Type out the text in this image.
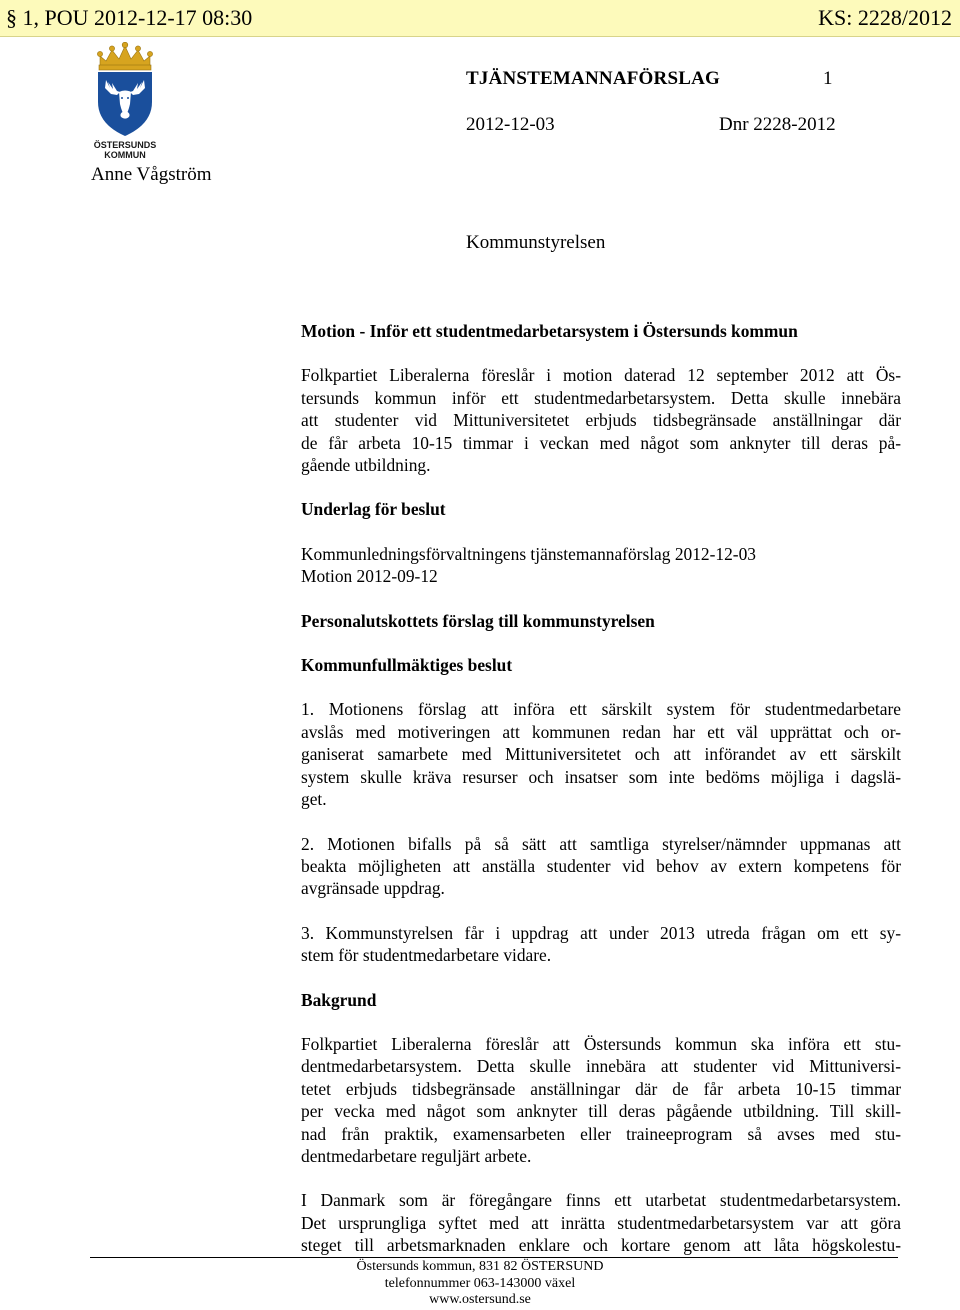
§ 1, POU 2012-12-17 08:30	KS: 2228/2012
ÖSTERSUNDS
KOMMUN
TJÄNSTEMANNAFÖRSLAG	1
2012-12-03	Dnr 2228-2012
Anne Vågström
Kommunstyrelsen
Motion - Inför ett studentmedarbetarsystem i Östersunds kommun

Folkpartiet Liberalerna föreslår i motion daterad 12 september 2012 att Ös-
tersunds kommun inför ett studentmedarbetarsystem. Detta skulle innebära
att studenter vid Mittuniversitetet erbjuds tidsbegränsade anställningar där
de får arbeta 10-15 timmar i veckan med något som anknyter till deras på-
gående utbildning.

Underlag för beslut

Kommunledningsförvaltningens tjänstemannaförslag 2012-12-03
Motion 2012-09-12

Personalutskottets förslag till kommunstyrelsen
Kommunfullmäktiges beslut

1. Motionens förslag att införa ett särskilt system för studentmedarbetare
avslås med motiveringen att kommunen redan har ett väl upprättat och or-
ganiserat samarbete med Mittuniversitetet och att införandet av ett särskilt
system skulle kräva resurser och insatser som inte bedöms möjliga i dagslä-
get.

2. Motionen bifalls på så sätt att samtliga styrelser/nämnder uppmanas att
beakta möjligheten att anställa studenter vid behov av extern kompetens för
avgränsade uppdrag.

3. Kommunstyrelsen får i uppdrag att under 2013 utreda frågan om ett sy-
stem för studentmedarbetare vidare.

Bakgrund

Folkpartiet Liberalerna föreslår att Östersunds kommun ska införa ett stu-
dentmedarbetarsystem. Detta skulle innebära att studenter vid Mittuniversi-
tetet erbjuds tidsbegränsade anställningar där de får arbeta 10-15 timmar
per vecka med något som anknyter till deras pågående utbildning. Till skill-
nad från praktik, examensarbeten eller traineeprogram så avses med stu-
dentmedarbetare reguljärt arbete.

I Danmark som är föregångare finns ett utarbetat studentmedarbetarsystem.
Det ursprungliga syftet med att inrätta studentmedarbetarsystem var att göra
steget till arbetsmarknaden enklare och kortare genom att låta högskolestu-

Östersunds kommun, 831 82 ÖSTERSUND
telefonnummer 063-143000 växel
www.ostersund.se
